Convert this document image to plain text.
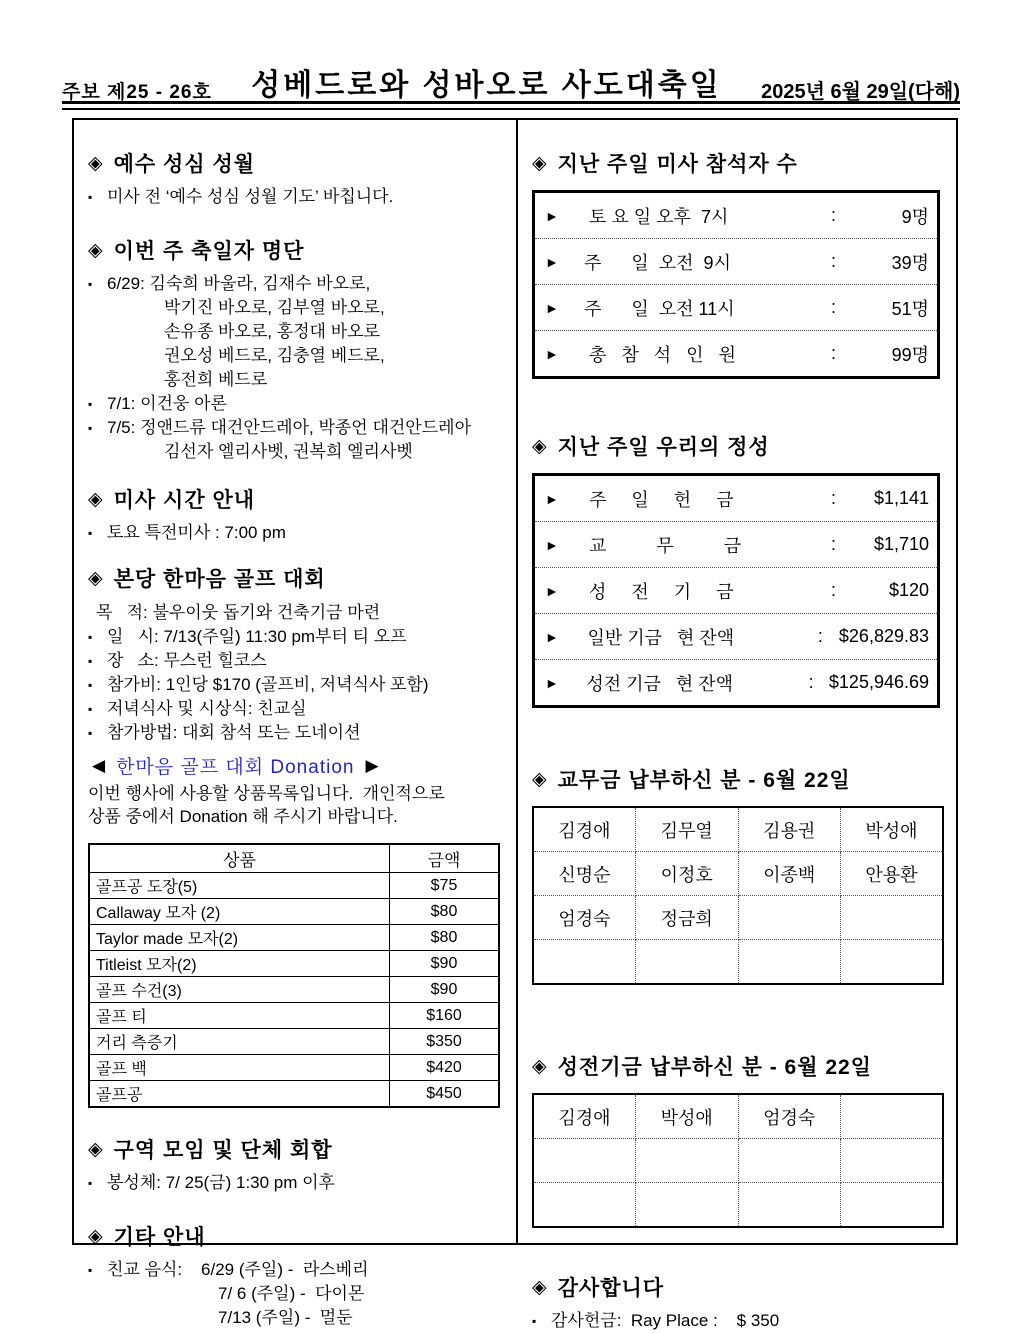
주보 제25 - 26호 성베드로와 성바오로 사도대축일 2025년 6월 29일(다해)
◈ 예수 성심 성월
▪ 미사 전 ‘예수 성심 성월 기도’ 바칩니다.
◈ 이번 주 축일자 명단
▪ 6/29: 김숙희 바울라, 김재수 바오로,
박기진 바오로, 김부열 바오로,
손유종 바오로, 홍정대 바오로
권오성 베드로, 김충열 베드로,
홍전희 베드로
▪ 7/1: 이건웅 아론
▪ 7/5: 정앤드류 대건안드레아, 박종언 대건안드레아
김선자 엘리사벳, 권복희 엘리사벳
◈ 미사 시간 안내
▪ 토요 특전미사 : 7:00 pm
◈ 본당 한마음 골프 대회
목   적: 불우이웃 돕기와 건축기금 마련
▪ 일   시: 7/13(주일) 11:30 pm부터 티 오프
▪ 장   소: 무스런 힐코스
▪ 참가비: 1인당 $170 (골프비, 저녁식사 포함)
▪ 저녁식사 및 시상식: 친교실
▪ 참가방법: 대회 참석 또는 도네이션
◀ 한마음 골프 대회 Donation ▶
이번 행사에 사용할 상품목록입니다.  개인적으로
상품 중에서 Donation 해 주시기 바랍니다.
상품	금액
골프공 도장(5)	$75
Callaway 모자 (2)	$80
Taylor made 모자(2)	$80
Titleist 모자(2)	$90
골프 수건(3)	$90
골프 티	$160
거리 측증기	$350
골프 백	$420
골프공	$450
◈ 구역 모임 및 단체 회합
▪ 봉성체: 7/ 25(금) 1:30 pm 이후
◈ 기타 안내
▪ 친교 음식:    6/29 (주일) -  라스베리
7/ 6 (주일) -  다이몬
7/13 (주일) -  멀둔
◈ 지난 주일 미사 참석자 수
►	토 요 일 오후  7시	:	9명
►	주      일  오전  9시	:	39명
►	주      일  오전 11시	:	51명
►	총   참   석   인   원	:	99명
◈ 지난 주일 우리의 정성
►	주     일     헌     금	:	$1,141
►	교          무          금	:	$1,710
►	성     전     기     금	:	$120
►	일반 기금   현 잔액	: $26,829.83
► 성전 기금   현 잔액	: $125,946.69
◈ 교무금 납부하신 분 - 6월 22일
김경애	김무열	김용권	박성애
신명순	이정호	이종백	안용환
엄경숙	정금희		

◈ 성전기금 납부하신 분 - 6월 22일
김경애	박성애	엄경숙	

◈ 감사합니다
▪ 감사헌금:  Ray Place :    $ 350
